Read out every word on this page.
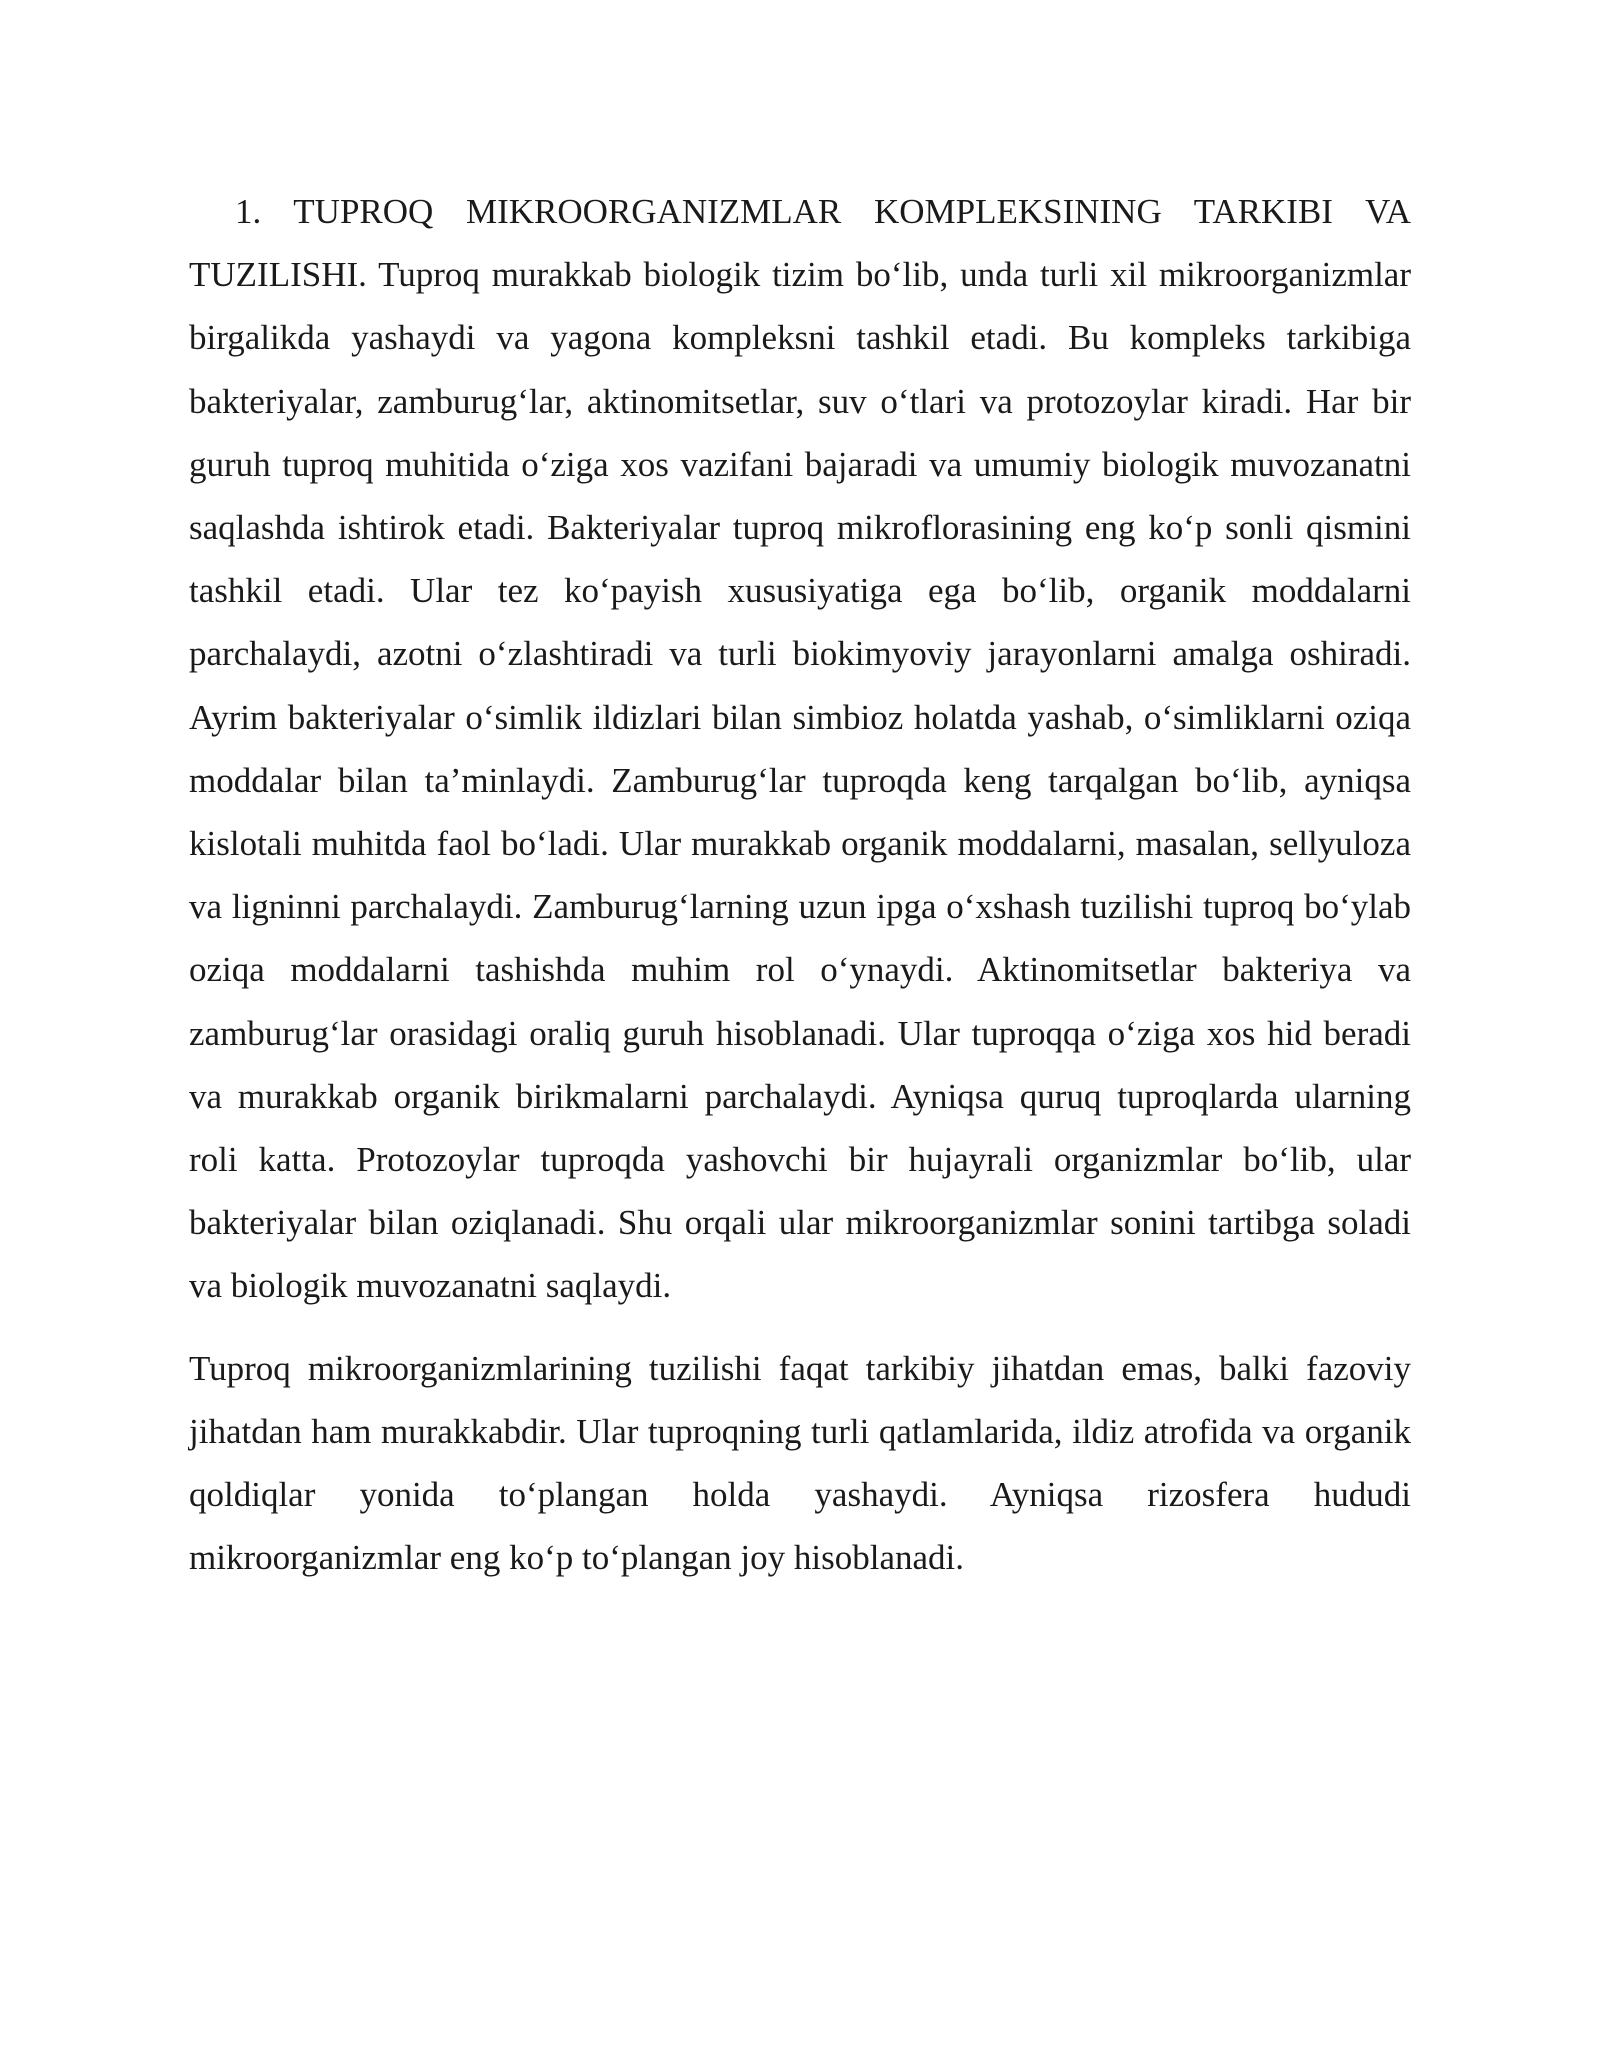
1. TUPROQ MIKROORGANIZMLAR KOMPLEKSINING TARKIBI VA TUZILISHI. Tuproq murakkab biologik tizim bo‘lib, unda turli xil mikroorganizmlar birgalikda yashaydi va yagona kompleksni tashkil etadi. Bu kompleks tarkibiga bakteriyalar, zamburug‘lar, aktinomitsetlar, suv o‘tlari va protozoylar kiradi. Har bir guruh tuproq muhitida o‘ziga xos vazifani bajaradi va umumiy biologik muvozanatni saqlashda ishtirok etadi. Bakteriyalar tuproq mikroflorasining eng ko‘p sonli qismini tashkil etadi. Ular tez ko‘payish xususiyatiga ega bo‘lib, organik moddalarni parchalaydi, azotni o‘zlashtiradi va turli biokimyoviy jarayonlarni amalga oshiradi. Ayrim bakteriyalar o‘simlik ildizlari bilan simbioz holatda yashab, o‘simliklarni oziqa moddalar bilan ta’minlaydi. Zamburug‘lar tuproqda keng tarqalgan bo‘lib, ayniqsa kislotali muhitda faol bo‘ladi. Ular murakkab organik moddalarni, masalan, sellyuloza va ligninni parchalaydi. Zamburug‘larning uzun ipga o‘xshash tuzilishi tuproq bo‘ylab oziqa moddalarni tashishda muhim rol o‘ynaydi. Aktinomitsetlar bakteriya va zamburug‘lar orasidagi oraliq guruh hisoblanadi. Ular tuproqqa o‘ziga xos hid beradi va murakkab organik birikmalarni parchalaydi. Ayniqsa quruq tuproqlarda ularning roli katta. Protozoylar tuproqda yashovchi bir hujayrali organizmlar bo‘lib, ular bakteriyalar bilan oziqlanadi. Shu orqali ular mikroorganizmlar sonini tartibga soladi va biologik muvozanatni saqlaydi.

Tuproq mikroorganizmlarining tuzilishi faqat tarkibiy jihatdan emas, balki fazoviy jihatdan ham murakkabdir. Ular tuproqning turli qatlamlarida, ildiz atrofida va organik qoldiqlar yonida to‘plangan holda yashaydi. Ayniqsa rizosfera hududi mikroorganizmlar eng ko‘p to‘plangan joy hisoblanadi.
